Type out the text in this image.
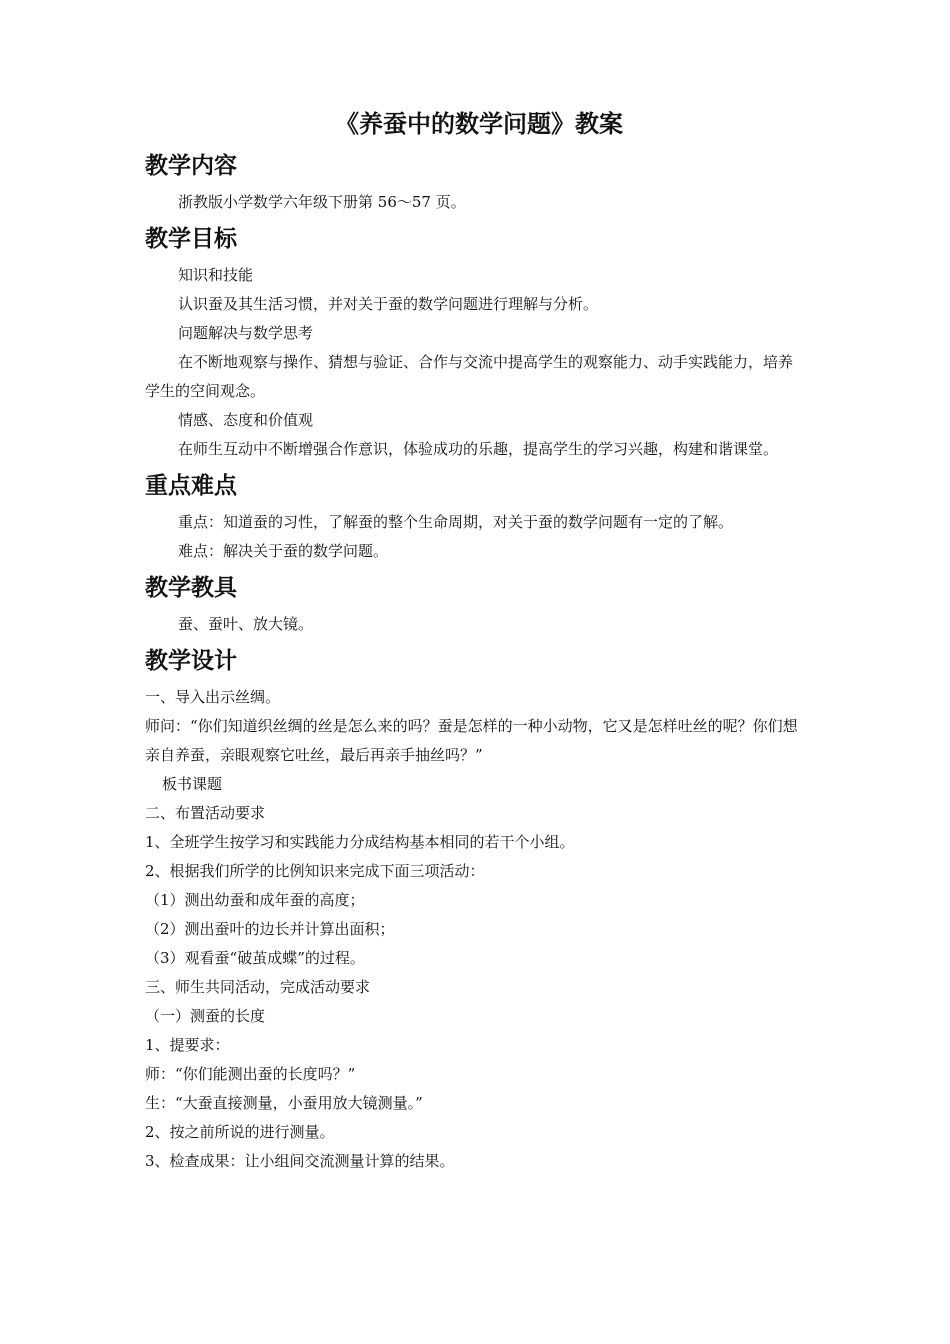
《养蚕中的数学问题》教案
教学内容

浙教版小学数学六年级下册第 56～57 页。

教学目标

知识和技能

认识蚕及其生活习惯，并对关于蚕的数学问题进行理解与分析。

问题解决与数学思考

在不断地观察与操作、猜想与验证、合作与交流中提高学生的观察能力、动手实践能力，培养学生的空间观念。

情感、态度和价值观

在师生互动中不断增强合作意识，体验成功的乐趣，提高学生的学习兴趣，构建和谐课堂。

重点难点

重点：知道蚕的习性，了解蚕的整个生命周期，对关于蚕的数学问题有一定的了解。

难点：解决关于蚕的数学问题。

教学教具

蚕、蚕叶、放大镜。

教学设计

一、导入出示丝绸。

师问：“你们知道织丝绸的丝是怎么来的吗？蚕是怎样的一种小动物，它又是怎样吐丝的呢？你们想亲自养蚕，亲眼观察它吐丝，最后再亲手抽丝吗？”

板书课题

二、布置活动要求

1、全班学生按学习和实践能力分成结构基本相同的若干个小组。

2、根据我们所学的比例知识来完成下面三项活动：

（1）测出幼蚕和成年蚕的高度；

（2）测出蚕叶的边长并计算出面积；

（3）观看蚕“破茧成蝶”的过程。

三、师生共同活动，完成活动要求

（一）测蚕的长度

1、提要求：

师：“你们能测出蚕的长度吗？”

生：“大蚕直接测量，小蚕用放大镜测量。”

2、按之前所说的进行测量。

3、检查成果：让小组间交流测量计算的结果。
